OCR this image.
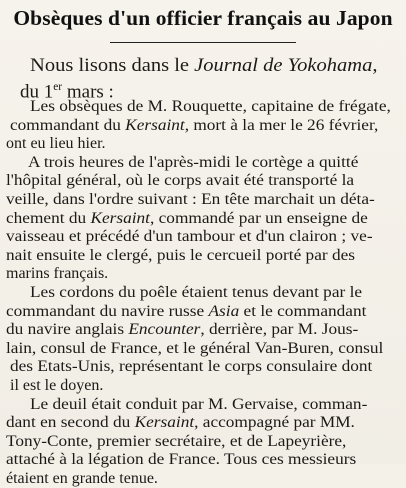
Obsèques d'un officier français au Japon
Nous lisons dans le Journal de Yokohama,
du 1er mars :
Les obsèques de M. Rouquette, capitaine de frégate,
commandant du Kersaint, mort à la mer le 26 février,
ont eu lieu hier.
A trois heures de l'après-midi le cortège a quitté
l'hôpital général, où le corps avait été transporté la
veille, dans l'ordre suivant : En tête marchait un déta-
chement du Kersaint, commandé par un enseigne de
vaisseau et précédé d'un tambour et d'un clairon ; ve-
nait ensuite le clergé, puis le cercueil porté par des
marins français.
Les cordons du poêle étaient tenus devant par le
commandant du navire russe Asia et le commandant
du navire anglais Encounter, derrière, par M. Jous-
lain, consul de France, et le général Van-Buren, consul
des Etats-Unis, représentant le corps consulaire dont
il est le doyen.
Le deuil était conduit par M. Gervaise, comman-
dant en second du Kersaint, accompagné par MM.
Tony-Conte, premier secrétaire, et de Lapeyrière,
attaché à la légation de France. Tous ces messieurs
étaient en grande tenue.
